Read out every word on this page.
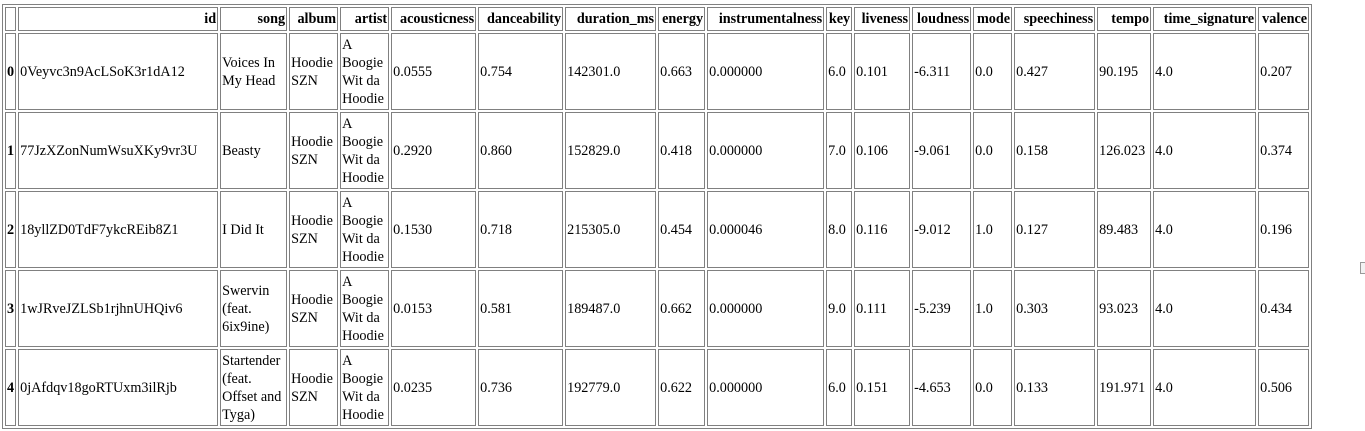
	id	song	album	artist	acousticness	danceability	duration_ms	energy	instrumentalness	key	liveness	loudness	mode	speechiness	tempo	time_signature	valence
0	0Veyvc3n9AcLSoK3r1dA12	Voices In My Head	Hoodie SZN	A Boogie Wit da Hoodie	0.0555	0.754	142301.0	0.663	0.000000	6.0	0.101	-6.311	0.0	0.427	90.195	4.0	0.207
1	77JzXZonNumWsuXKy9vr3U	Beasty	Hoodie SZN	A Boogie Wit da Hoodie	0.2920	0.860	152829.0	0.418	0.000000	7.0	0.106	-9.061	0.0	0.158	126.023	4.0	0.374
2	18yllZD0TdF7ykcREib8Z1	I Did It	Hoodie SZN	A Boogie Wit da Hoodie	0.1530	0.718	215305.0	0.454	0.000046	8.0	0.116	-9.012	1.0	0.127	89.483	4.0	0.196
3	1wJRveJZLSb1rjhnUHQiv6	Swervin (feat. 6ix9ine)	Hoodie SZN	A Boogie Wit da Hoodie	0.0153	0.581	189487.0	0.662	0.000000	9.0	0.111	-5.239	1.0	0.303	93.023	4.0	0.434
4	0jAfdqv18goRTUxm3ilRjb	Startender (feat. Offset and Tyga)	Hoodie SZN	A Boogie Wit da Hoodie	0.0235	0.736	192779.0	0.622	0.000000	6.0	0.151	-4.653	0.0	0.133	191.971	4.0	0.506
